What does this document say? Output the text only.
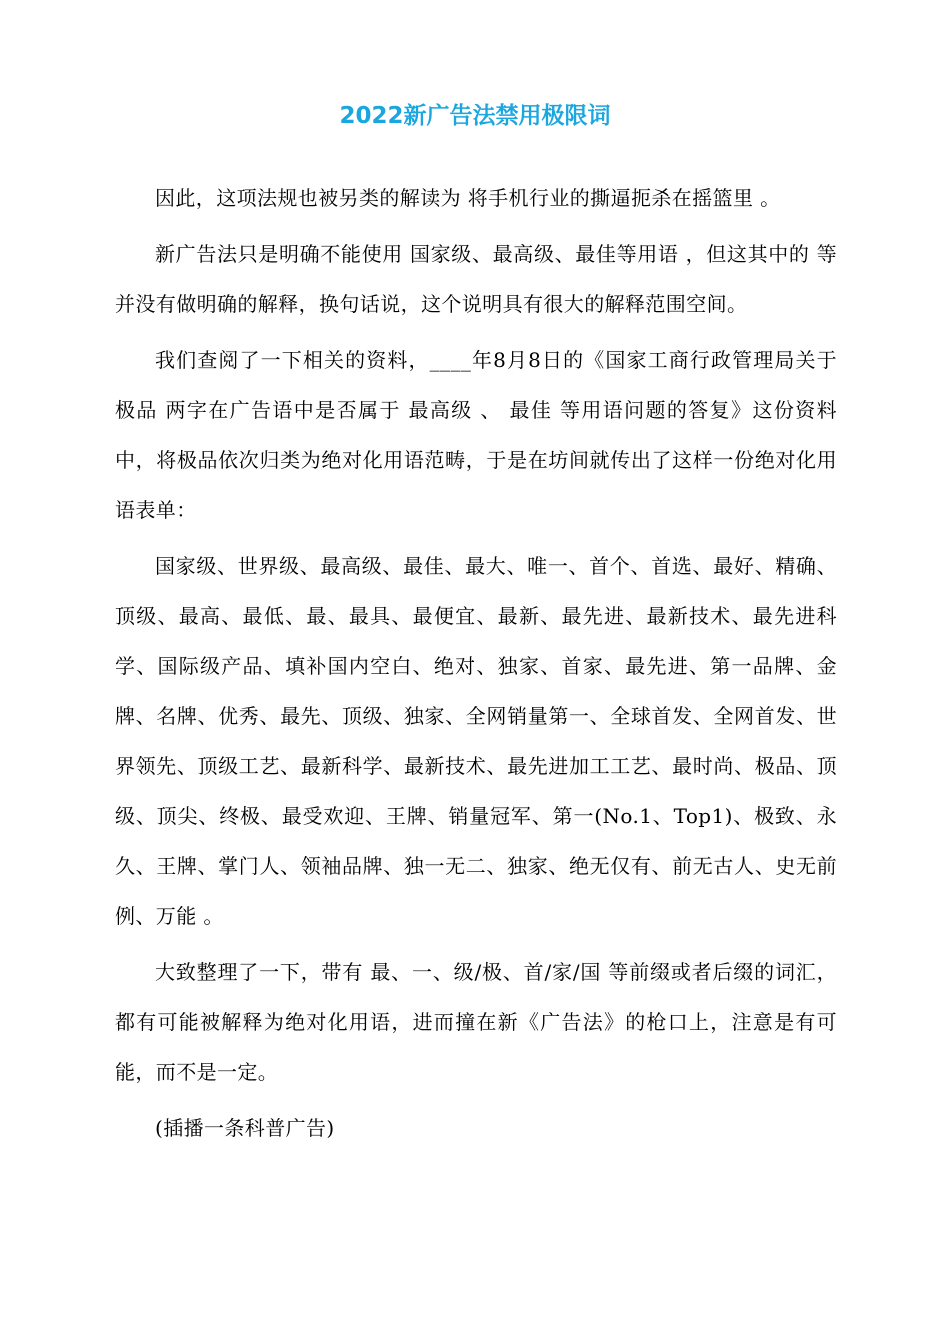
2022新广告法禁用极限词

因此，这项法规也被另类的解读为 将手机行业的撕逼扼杀在摇篮里 。

新广告法只是明确不能使用 国家级、最高级、最佳等用语 ，但这其中的 等 并没有做明确的解释，换句话说，这个说明具有很大的解释范围空间。

我们查阅了一下相关的资料，____年8月8日的《国家工商行政管理局关于 极品 两字在广告语中是否属于 最高级 、 最佳 等用语问题的答复》这份资料中，将极品依次归类为绝对化用语范畴，于是在坊间就传出了这样一份绝对化用语表单：

国家级、世界级、最高级、最佳、最大、唯一、首个、首选、最好、精确、顶级、最高、最低、最、最具、最便宜、最新、最先进、最新技术、最先进科学、国际级产品、填补国内空白、绝对、独家、首家、最先进、第一品牌、金牌、名牌、优秀、最先、顶级、独家、全网销量第一、全球首发、全网首发、世界领先、顶级工艺、最新科学、最新技术、最先进加工工艺、最时尚、极品、顶级、顶尖、终极、最受欢迎、王牌、销量冠军、第一(No.1、Top1)、极致、永久、王牌、掌门人、领袖品牌、独一无二、独家、绝无仅有、前无古人、史无前例、万能 。

大致整理了一下，带有 最、一、级/极、首/家/国 等前缀或者后缀的词汇，都有可能被解释为绝对化用语，进而撞在新《广告法》的枪口上，注意是有可能，而不是一定。

(插播一条科普广告)
